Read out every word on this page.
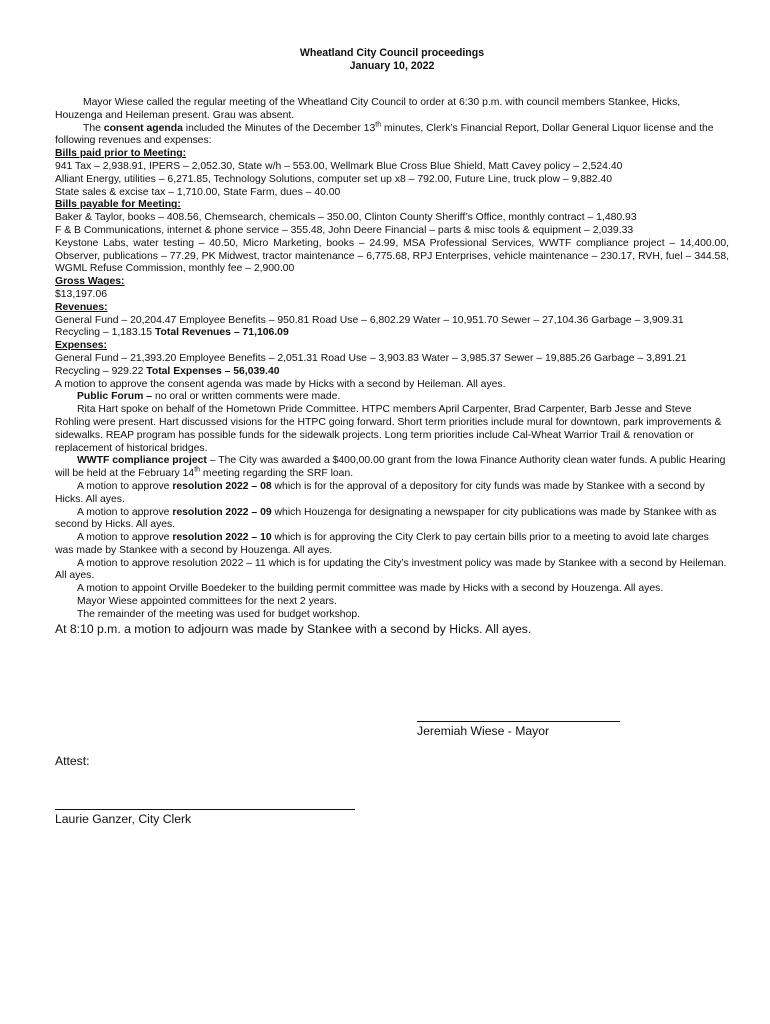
Wheatland City Council proceedings
January 10, 2022

Mayor Wiese called the regular meeting of the Wheatland City Council to order at 6:30 p.m. with council members Stankee, Hicks, Houzenga and Heileman present. Grau was absent.

The consent agenda included the Minutes of the December 13th minutes, Clerk’s Financial Report, Dollar General Liquor license and the following revenues and expenses:

Bills paid prior to Meeting:

941 Tax – 2,938.91, IPERS – 2,052.30, State w/h – 553.00, Wellmark Blue Cross Blue Shield, Matt Cavey policy – 2,524.40

Alliant Energy, utilities – 6,271.85, Technology Solutions, computer set up x8 – 792.00, Future Line, truck plow – 9,882.40

State sales & excise tax – 1,710.00, State Farm, dues – 40.00

Bills payable for Meeting:

Baker & Taylor, books – 408.56, Chemsearch, chemicals – 350.00, Clinton County Sheriff’s Office, monthly contract – 1,480.93

F & B Communications, internet & phone service – 355.48, John Deere Financial – parts & misc tools & equipment – 2,039.33

Keystone Labs, water testing – 40.50, Micro Marketing, books – 24.99, MSA Professional Services, WWTF compliance project – 14,400.00, Observer, publications – 77.29, PK Midwest, tractor maintenance – 6,775.68, RPJ Enterprises, vehicle maintenance – 230.17, RVH, fuel – 344.58, WGML Refuse Commission, monthly fee – 2,900.00

Gross Wages:

$13,197.06

Revenues:

General Fund – 20,204.47 Employee Benefits – 950.81 Road Use – 6,802.29 Water – 10,951.70 Sewer – 27,104.36 Garbage – 3,909.31 Recycling – 1,183.15 Total Revenues – 71,106.09

Expenses:

General Fund – 21,393.20 Employee Benefits – 2,051.31 Road Use – 3,903.83 Water – 3,985.37 Sewer – 19,885.26 Garbage – 3,891.21 Recycling – 929.22 Total Expenses – 56,039.40

A motion to approve the consent agenda was made by Hicks with a second by Heileman. All ayes.

Public Forum – no oral or written comments were made.

Rita Hart spoke on behalf of the Hometown Pride Committee. HTPC members April Carpenter, Brad Carpenter, Barb Jesse and Steve Rohling were present. Hart discussed visions for the HTPC going forward. Short term priorities include mural for downtown, park improvements & sidewalks. REAP program has possible funds for the sidewalk projects. Long term priorities include Cal-Wheat Warrior Trail & renovation or replacement of historical bridges.

WWTF compliance project – The City was awarded a $400,00.00 grant from the Iowa Finance Authority clean water funds. A public Hearing will be held at the February 14th meeting regarding the SRF loan.

A motion to approve resolution 2022 – 08 which is for the approval of a depository for city funds was made by Stankee with a second by Hicks. All ayes.

A motion to approve resolution 2022 – 09 which Houzenga for designating a newspaper for city publications was made by Stankee with as second by Hicks. All ayes.

A motion to approve resolution 2022 – 10 which is for approving the City Clerk to pay certain bills prior to a meeting to avoid late charges was made by Stankee with a second by Houzenga. All ayes.

A motion to approve resolution 2022 – 11 which is for updating the City’s investment policy was made by Stankee with a second by Heileman. All ayes.

A motion to appoint Orville Boedeker to the building permit committee was made by Hicks with a second by Houzenga. All ayes.

Mayor Wiese appointed committees for the next 2 years.

The remainder of the meeting was used for budget workshop.

At 8:10 p.m. a motion to adjourn was made by Stankee with a second by Hicks. All ayes.

Jeremiah Wiese - Mayor
Attest:
Laurie Ganzer, City Clerk
